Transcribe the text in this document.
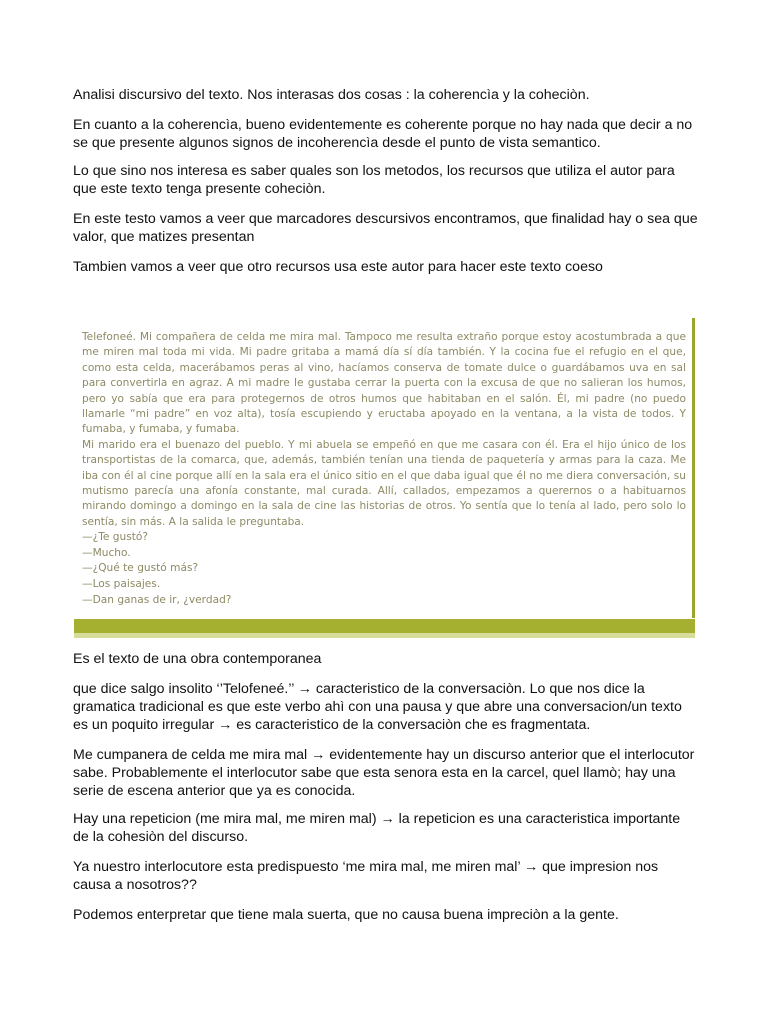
Analisi discursivo del texto. Nos interasas dos cosas : la coherencìa y la coheciòn.

En cuanto a la coherencìa, bueno evidentemente es coherente porque no hay nada que decir a no se que presente algunos signos de incoherencìa desde el punto de vista semantico.

Lo que sino nos interesa es saber quales son los metodos, los recursos que utiliza el autor para que este texto tenga presente coheciòn.

En este testo vamos a veer que marcadores descursivos encontramos, que finalidad hay o sea que valor, que matizes presentan

Tambien vamos a veer que otro recursos usa este autor para hacer este texto coeso

Telefoneé. Mi compañera de celda me mira mal. Tampoco me resulta extraño porque estoy acostumbrada a que me miren mal toda mi vida. Mi padre gritaba a mamá día sí día también. Y la cocina fue el refugio en el que, como esta celda, macerábamos peras al vino, hacíamos conserva de tomate dulce o guardábamos uva en sal para convertirla en agraz. A mi madre le gustaba cerrar la puerta con la excusa de que no salieran los humos, pero yo sabía que era para protegernos de otros humos que habitaban en el salón. Él, mi padre (no puedo llamarle “mi padre” en voz alta), tosía escupiendo y eructaba apoyado en la ventana, a la vista de todos. Y fumaba, y fumaba, y fumaba.

Mi marido era el buenazo del pueblo. Y mi abuela se empeñó en que me casara con él. Era el hijo único de los transportistas de la comarca, que, además, también tenían una tienda de paquetería y armas para la caza. Me iba con él al cine porque allí en la sala era el único sitio en el que daba igual que él no me diera conversación, su mutismo parecía una afonía constante, mal curada. Allí, callados, empezamos a querernos o a habituarnos mirando domingo a domingo en la sala de cine las historias de otros. Yo sentía que lo tenía al lado, pero solo lo sentía, sin más. A la salida le preguntaba.

—¿Te gustó?

—Mucho.

—¿Qué te gustó más?

—Los paisajes.

—Dan ganas de ir, ¿verdad?

Es el texto de una obra contemporanea

que dice salgo insolito ‘’Telofeneé.’’ → caracteristico de la conversaciòn. Lo que nos dice la gramatica tradicional es que este verbo ahì con una pausa y que abre una conversacion/un texto es un poquito irregular → es caracteristico de la conversaciòn che es fragmentata.

Me cumpanera de celda me mira mal → evidentemente hay un discurso anterior que el interlocutor sabe. Probablemente el interlocutor sabe que esta senora esta en la carcel, quel llamò; hay una serie de escena anterior que ya es conocida.

Hay una repeticion (me mira mal, me miren mal) → la repeticion es una caracteristica importante de la cohesiòn del discurso.

Ya nuestro interlocutore esta predispuesto ‘me mira mal, me miren mal’ → que impresion nos causa a nosotros??

Podemos enterpretar que tiene mala suerta, que no causa buena impreciòn a la gente.
